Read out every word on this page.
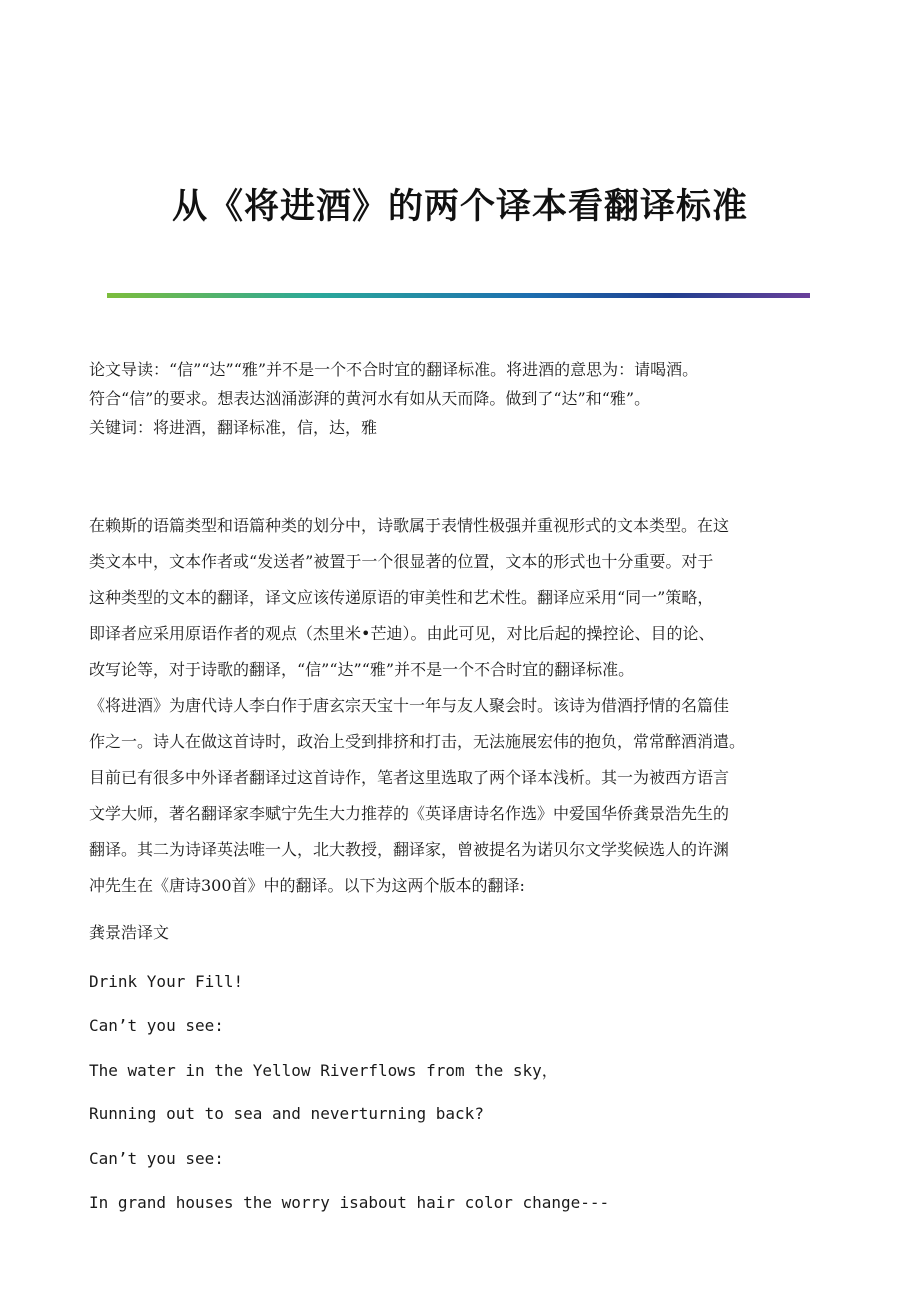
从《将进酒》的两个译本看翻译标准

论文导读：“信”“达”“雅”并不是一个不合时宜的翻译标准。将进酒的意思为：请喝酒。

符合“信”的要求。想表达汹涌澎湃的黄河水有如从天而降。做到了“达”和“雅”。

关键词：将进酒，翻译标准，信，达，雅

在赖斯的语篇类型和语篇种类的划分中，诗歌属于表情性极强并重视形式的文本类型。在这
类文本中，文本作者或“发送者”被置于一个很显著的位置，文本的形式也十分重要。对于
这种类型的文本的翻译，译文应该传递原语的审美性和艺术性。翻译应采用“同一”策略，
即译者应采用原语作者的观点（杰里米•芒迪）。由此可见，对比后起的操控论、目的论、
改写论等，对于诗歌的翻译，“信”“达”“雅”并不是一个不合时宜的翻译标准。
《将进酒》为唐代诗人李白作于唐玄宗天宝十一年与友人聚会时。该诗为借酒抒情的名篇佳
作之一。诗人在做这首诗时，政治上受到排挤和打击，无法施展宏伟的抱负，常常醉酒消遣。
目前已有很多中外译者翻译过这首诗作，笔者这里选取了两个译本浅析。其一为被西方语言
文学大师，著名翻译家李赋宁先生大力推荐的《英译唐诗名作选》中爱国华侨龚景浩先生的
翻译。其二为诗译英法唯一人，北大教授，翻译家，曾被提名为诺贝尔文学奖候选人的许渊
冲先生在《唐诗300首》中的翻译。以下为这两个版本的翻译:
龚景浩译文
Drink Your Fill!
Can’t you see:
The water in the Yellow Riverflows from the sky，
Running out to sea and neverturning back?
Can’t you see:
In grand houses the worry isabout hair color change---
